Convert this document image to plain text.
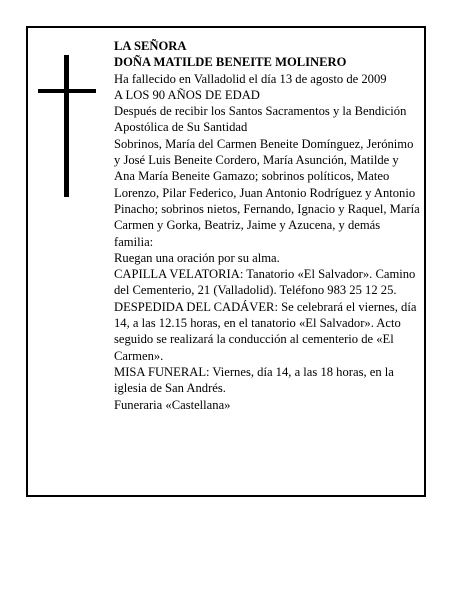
LA SEÑORA

DOÑA MATILDE BENEITE MOLINERO

Ha fallecido en Valladolid el día 13 de agosto de 2009

A LOS 90 AÑOS DE EDAD

Después de recibir los Santos Sacramentos y la Bendición Apostólica de Su Santidad

Sobrinos, María del Carmen Beneite Domínguez, Jerónimo y José Luis Beneite Cordero, María Asunción, Matilde y Ana María Beneite Gamazo; sobrinos políticos, Mateo Lorenzo, Pilar Federico, Juan Antonio Rodríguez y Antonio Pinacho; sobrinos nietos, Fernando, Ignacio y Raquel, María Carmen y Gorka, Beatriz, Jaime y Azucena, y demás familia:

Ruegan una oración por su alma.

CAPILLA VELATORIA: Tanatorio «El Salvador». Camino del Cementerio, 21 (Valladolid). Teléfono 983 25 12 25.

DESPEDIDA DEL CADÁVER: Se celebrará el viernes, día 14, a las 12.15 horas, en el tanatorio «El Salvador». Acto seguido se realizará la conducción al cementerio de «El Carmen».

MISA FUNERAL: Viernes, día 14, a las 18 horas, en la iglesia de San Andrés.

Funeraria «Castellana»
